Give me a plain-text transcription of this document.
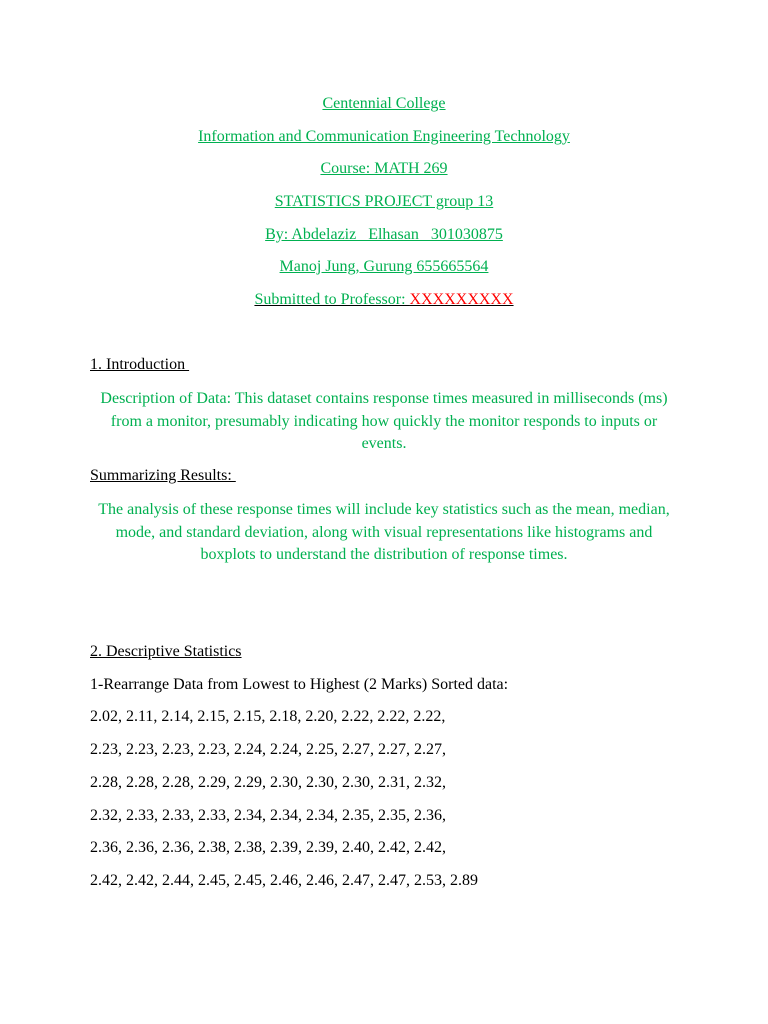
Centennial College
Information and Communication Engineering Technology
Course: MATH 269
STATISTICS PROJECT group 13
By: Abdelaziz   Elhasan   301030875
Manoj Jung, Gurung 655665564
Submitted to Professor: XXXXXXXXX
1. Introduction
Description of Data: This dataset contains response times measured in milliseconds (ms) from a monitor, presumably indicating how quickly the monitor responds to inputs or events.
Summarizing Results:
The analysis of these response times will include key statistics such as the mean, median, mode, and standard deviation, along with visual representations like histograms and boxplots to understand the distribution of response times.
2. Descriptive Statistics
1-Rearrange Data from Lowest to Highest (2 Marks) Sorted data:
2.02, 2.11, 2.14, 2.15, 2.15, 2.18, 2.20, 2.22, 2.22, 2.22,
2.23, 2.23, 2.23, 2.23, 2.24, 2.24, 2.25, 2.27, 2.27, 2.27,
2.28, 2.28, 2.28, 2.29, 2.29, 2.30, 2.30, 2.30, 2.31, 2.32,
2.32, 2.33, 2.33, 2.33, 2.34, 2.34, 2.34, 2.35, 2.35, 2.36,
2.36, 2.36, 2.36, 2.38, 2.38, 2.39, 2.39, 2.40, 2.42, 2.42,
2.42, 2.42, 2.44, 2.45, 2.45, 2.46, 2.46, 2.47, 2.47, 2.53, 2.89
